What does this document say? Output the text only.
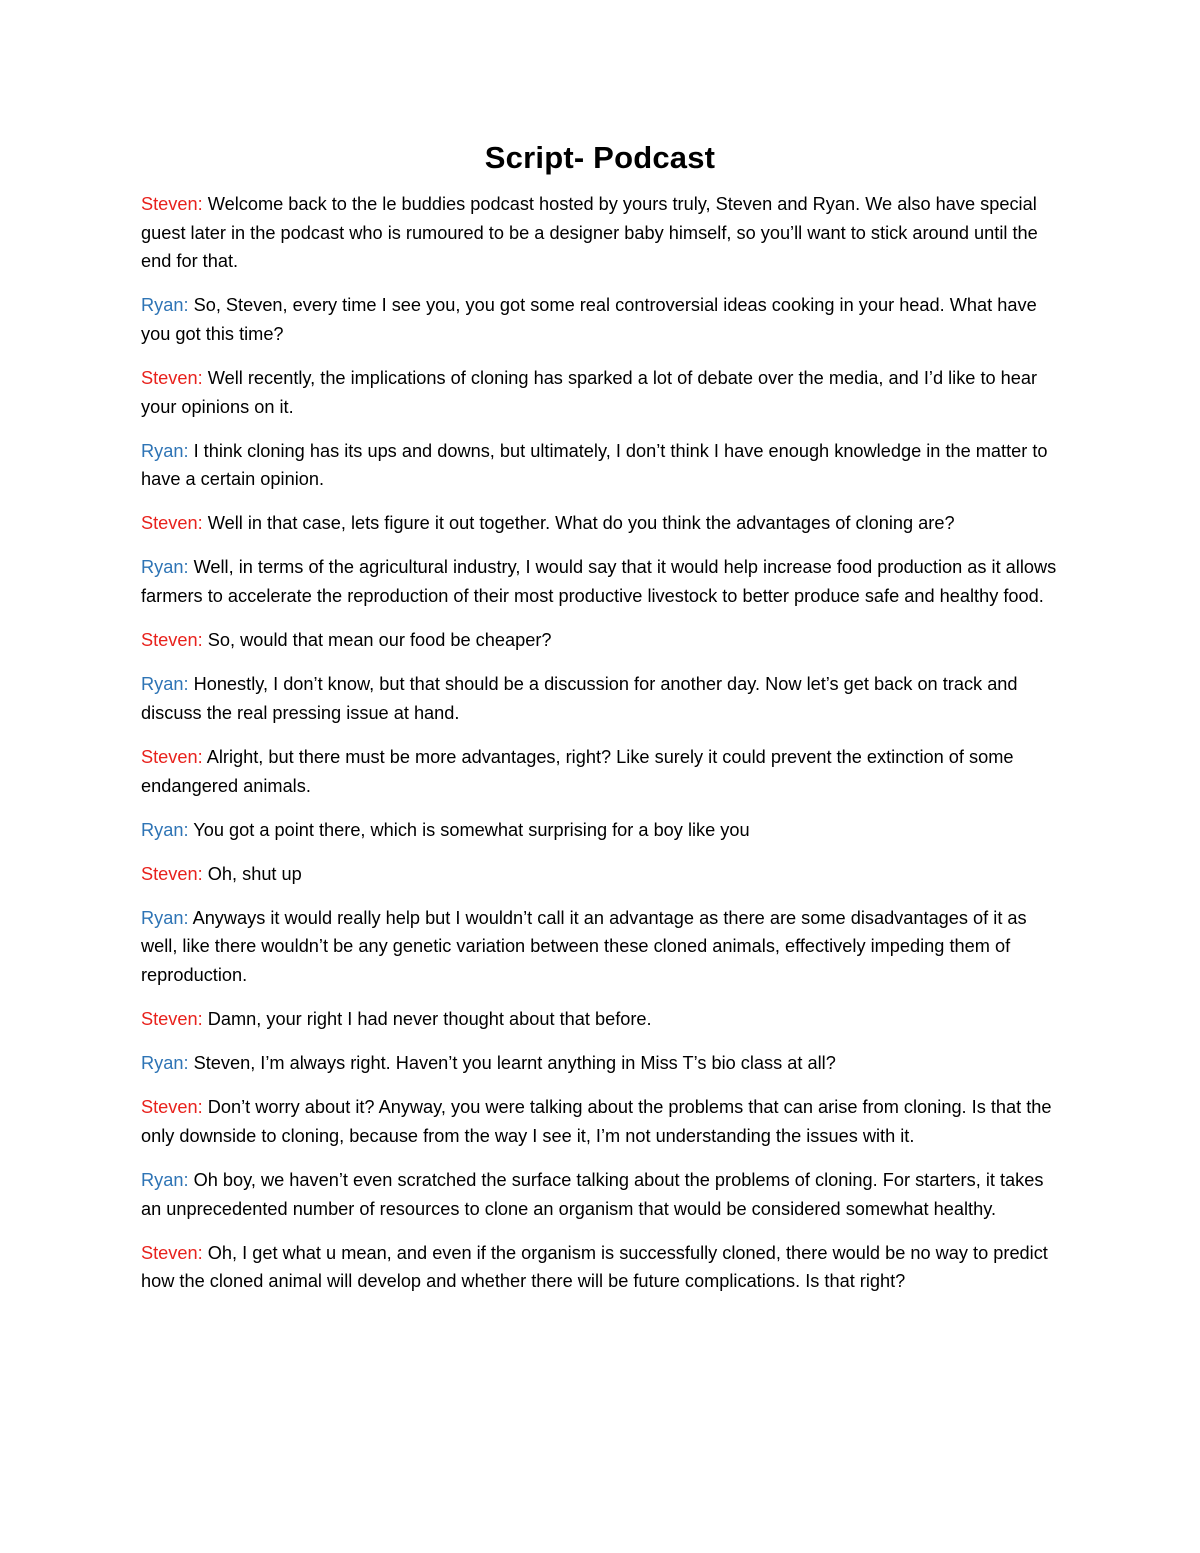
Script- Podcast
Steven: Welcome back to the le buddies podcast hosted by yours truly, Steven and Ryan. We also have special guest later in the podcast who is rumoured to be a designer baby himself, so you’ll want to stick around until the end for that.
Ryan: So, Steven, every time I see you, you got some real controversial ideas cooking in your head. What have you got this time?
Steven: Well recently, the implications of cloning has sparked a lot of debate over the media, and I’d like to hear your opinions on it.
Ryan: I think cloning has its ups and downs, but ultimately, I don’t think I have enough knowledge in the matter to have a certain opinion.
Steven: Well in that case, lets figure it out together. What do you think the advantages of cloning are?
Ryan: Well, in terms of the agricultural industry, I would say that it would help increase food production as it allows farmers to accelerate the reproduction of their most productive livestock to better produce safe and healthy food.
Steven: So, would that mean our food be cheaper?
Ryan: Honestly, I don’t know, but that should be a discussion for another day. Now let’s get back on track and discuss the real pressing issue at hand.
Steven: Alright, but there must be more advantages, right? Like surely it could prevent the extinction of some endangered animals.
Ryan: You got a point there, which is somewhat surprising for a boy like you
Steven: Oh, shut up
Ryan: Anyways it would really help but I wouldn’t call it an advantage as there are some disadvantages of it as well, like there wouldn’t be any genetic variation between these cloned animals, effectively impeding them of reproduction.
Steven: Damn, your right I had never thought about that before.
Ryan: Steven, I’m always right. Haven’t you learnt anything in Miss T’s bio class at all?
Steven: Don’t worry about it? Anyway, you were talking about the problems that can arise from cloning. Is that the only downside to cloning, because from the way I see it, I’m not understanding the issues with it.
Ryan: Oh boy, we haven’t even scratched the surface talking about the problems of cloning. For starters, it takes an unprecedented number of resources to clone an organism that would be considered somewhat healthy.
Steven: Oh, I get what u mean, and even if the organism is successfully cloned, there would be no way to predict how the cloned animal will develop and whether there will be future complications. Is that right?
